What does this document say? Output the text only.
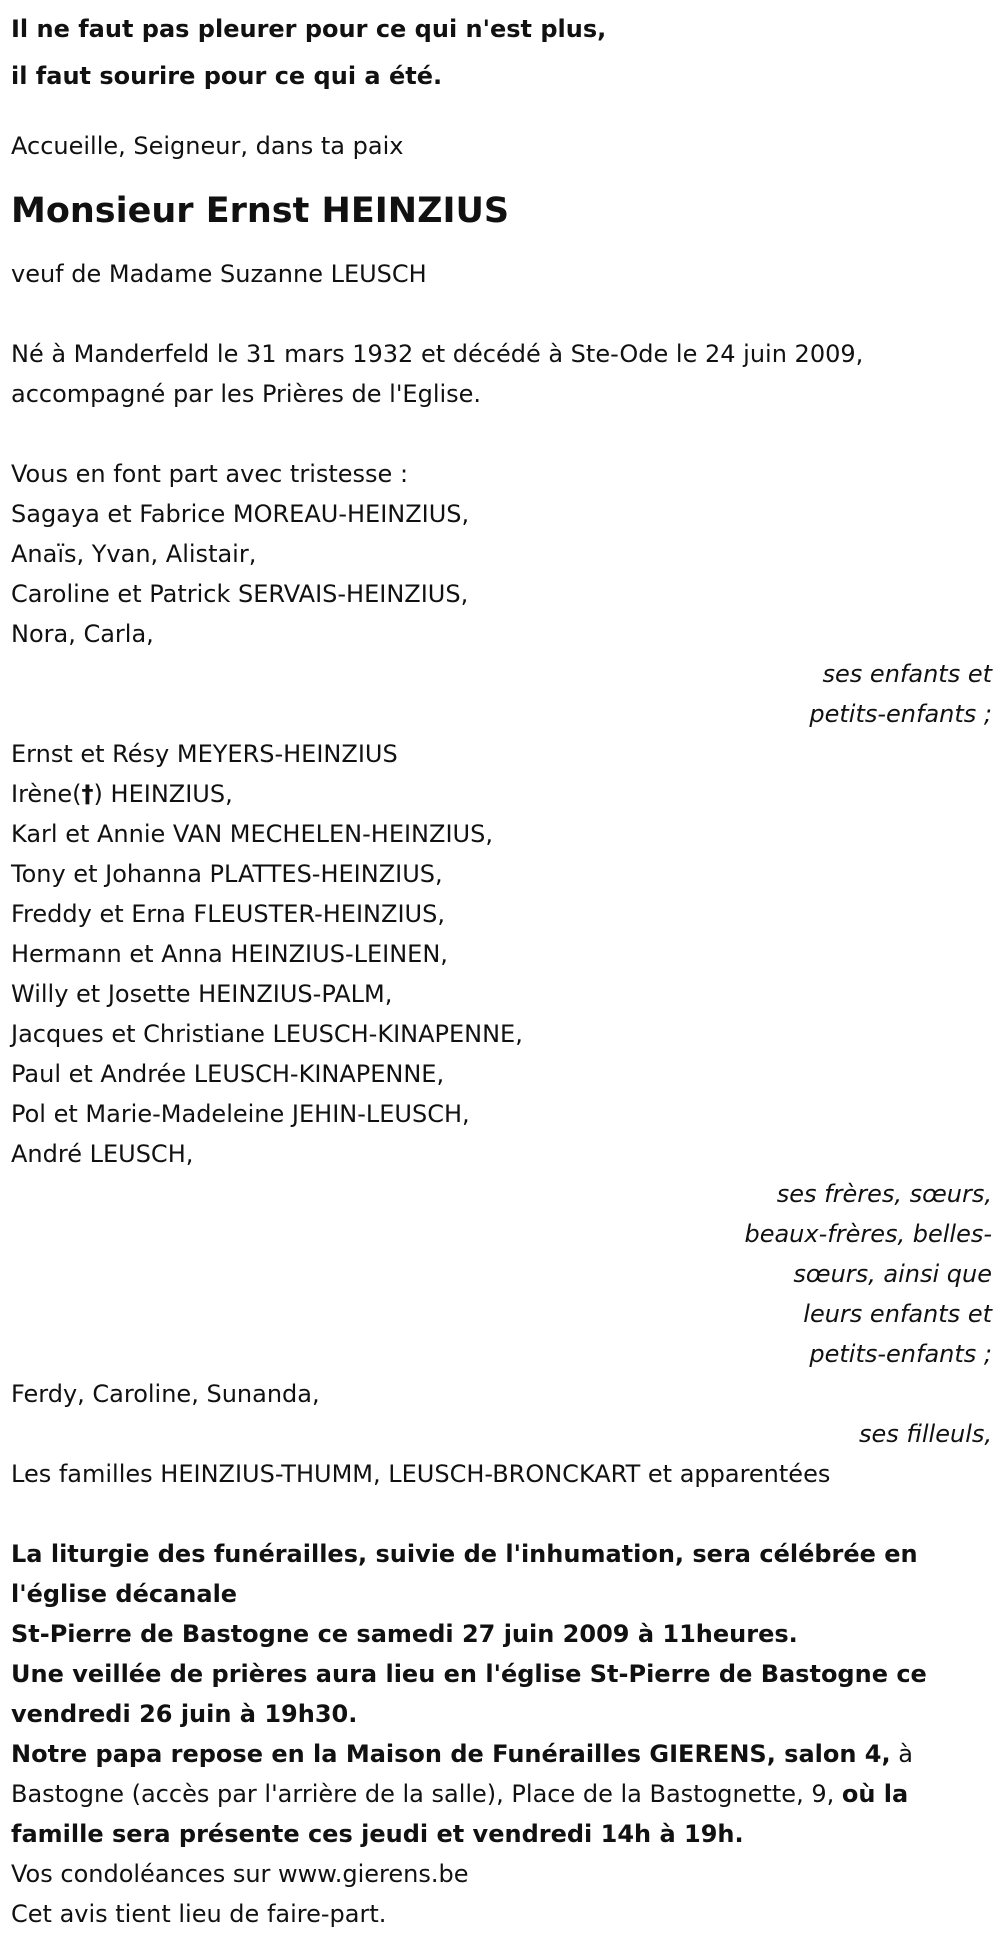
Il ne faut pas pleurer pour ce qui n'est plus,
il faut sourire pour ce qui a été.
Accueille, Seigneur, dans ta paix
Monsieur Ernst HEINZIUS
veuf de Madame Suzanne LEUSCH
Né à Manderfeld le 31 mars 1932 et décédé à Ste-Ode le 24 juin 2009,
accompagné par les Prières de l'Eglise.
Vous en font part avec tristesse :
Sagaya et Fabrice MOREAU-HEINZIUS,
Anaïs, Yvan, Alistair,
Caroline et Patrick SERVAIS-HEINZIUS,
Nora, Carla,
ses enfants et
petits-enfants ;
Ernst et Résy MEYERS-HEINZIUS
Irène(†) HEINZIUS,
Karl et Annie VAN MECHELEN-HEINZIUS,
Tony et Johanna PLATTES-HEINZIUS,
Freddy et Erna FLEUSTER-HEINZIUS,
Hermann et Anna HEINZIUS-LEINEN,
Willy et Josette HEINZIUS-PALM,
Jacques et Christiane LEUSCH-KINAPENNE,
Paul et Andrée LEUSCH-KINAPENNE,
Pol et Marie-Madeleine JEHIN-LEUSCH,
André LEUSCH,
ses frères, sœurs,
beaux-frères, belles-
sœurs, ainsi que
leurs enfants et
petits-enfants ;
Ferdy, Caroline, Sunanda,
ses filleuls,
Les familles HEINZIUS-THUMM, LEUSCH-BRONCKART et apparentées
La liturgie des funérailles, suivie de l'inhumation, sera célébrée en l'église décanale
St-Pierre de Bastogne ce samedi 27 juin 2009 à 11heures.
Une veillée de prières aura lieu en l'église St-Pierre de Bastogne ce
vendredi 26 juin à 19h30.
Notre papa repose en la Maison de Funérailles GIERENS, salon 4, à Bastogne (accès par l'arrière de la salle), Place de la Bastognette, 9, où la famille sera présente ces jeudi et vendredi 14h à 19h.
Vos condoléances sur www.gierens.be
Cet avis tient lieu de faire-part.
